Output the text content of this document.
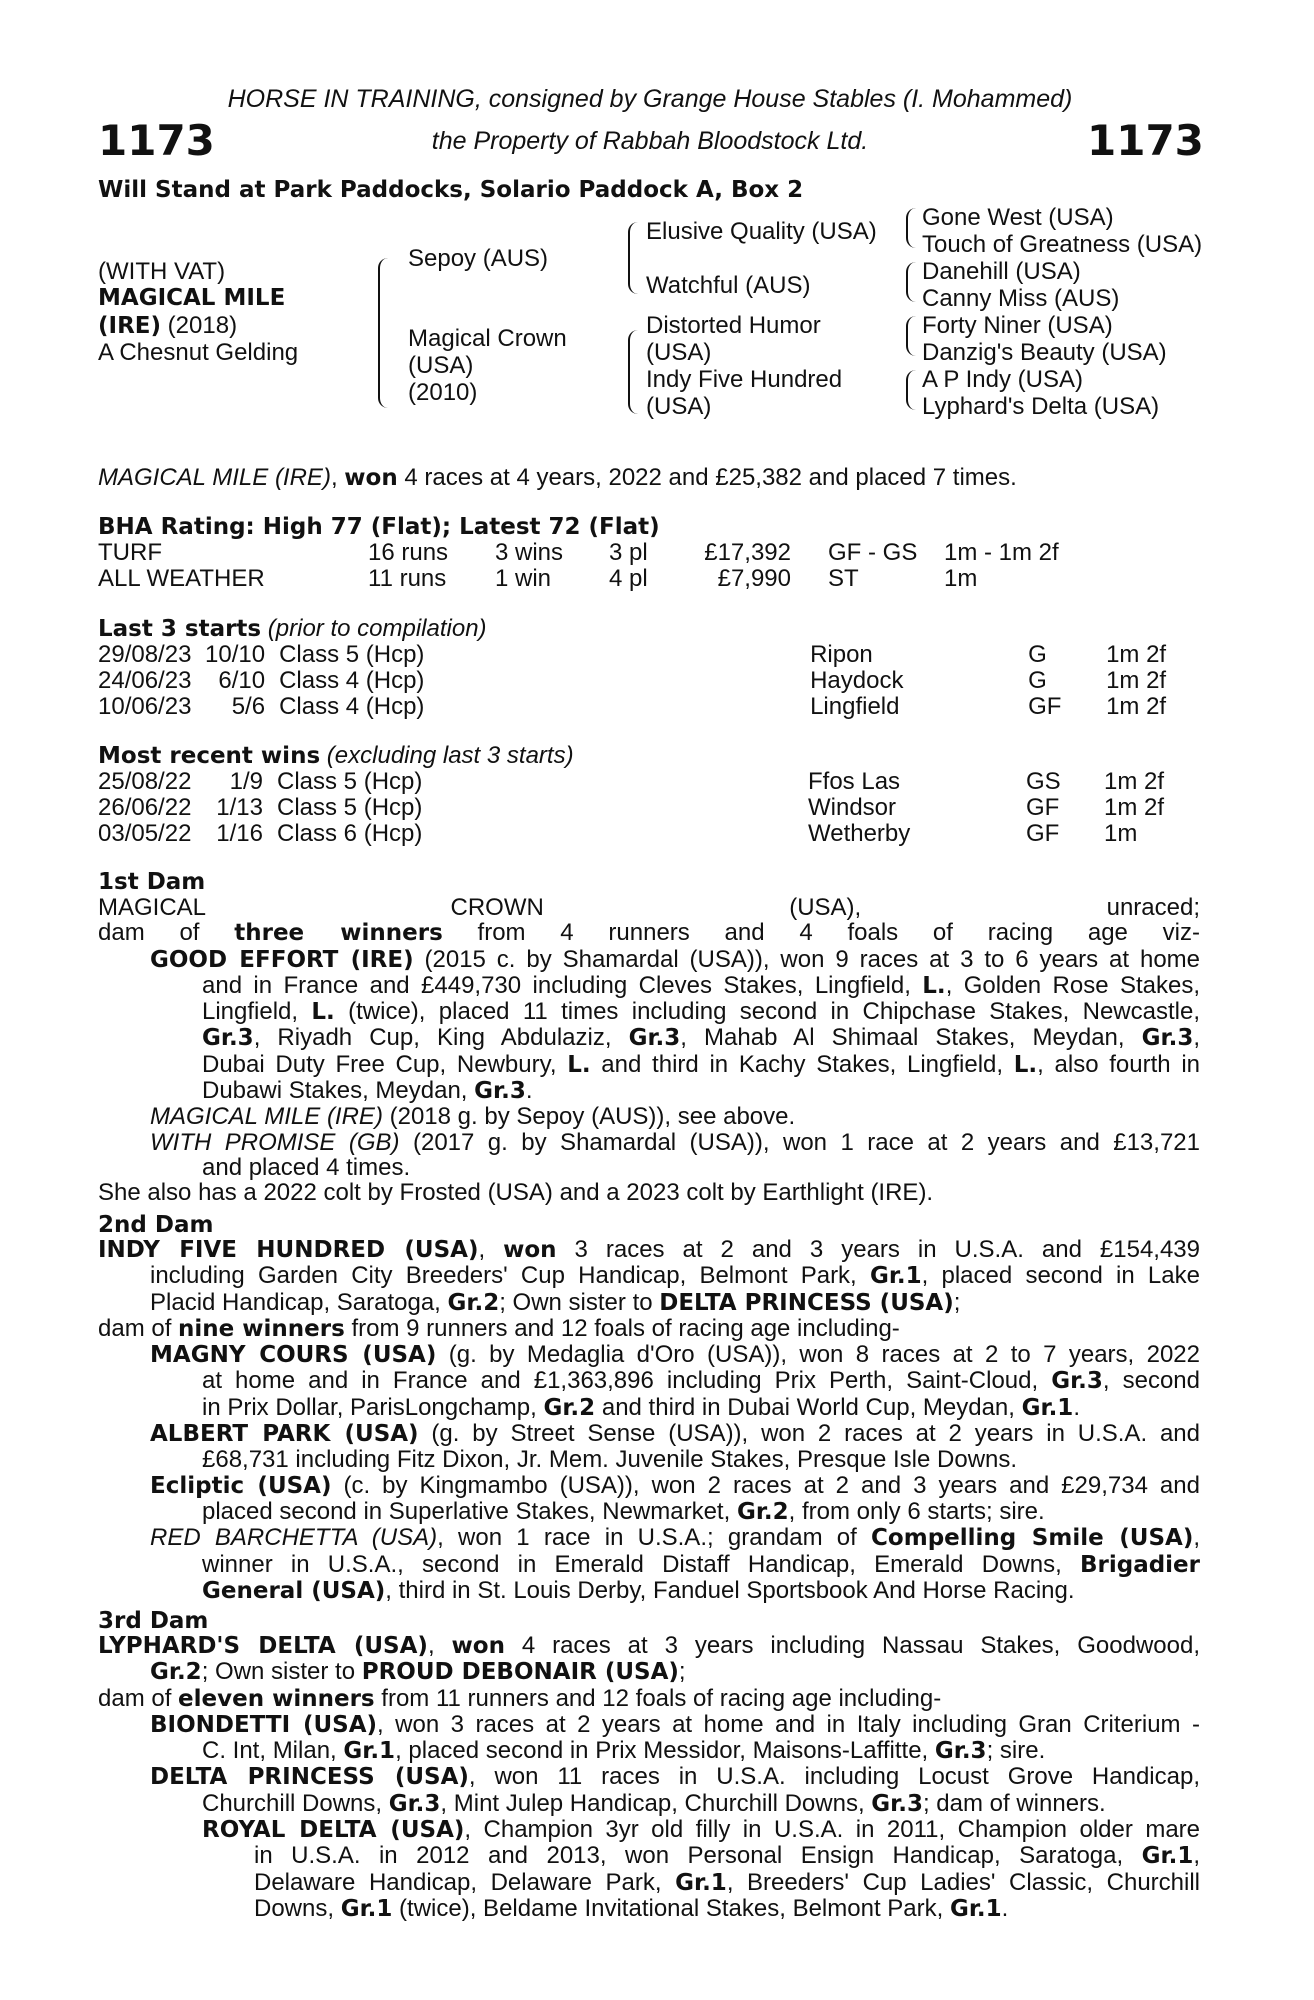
HORSE IN TRAINING, consigned by Grange House Stables (I. Mohammed)
1173	the Property of Rabbah Bloodstock Ltd.	1173
Will Stand at Park Paddocks, Solario Paddock A, Box 2
(WITH VAT)
MAGICAL MILE
(IRE) (2018)
A Chesnut Gelding
Sepoy (AUS)
Magical Crown
(USA)
(2010)
Elusive Quality (USA)
Watchful (AUS)
Distorted Humor
(USA)
Indy Five Hundred
(USA)
Gone West (USA)
Touch of Greatness (USA)
Danehill (USA)
Canny Miss (AUS)
Forty Niner (USA)
Danzig's Beauty (USA)
A P Indy (USA)
Lyphard's Delta (USA)
MAGICAL MILE (IRE), won 4 races at 4 years, 2022 and £25,382 and placed 7 times.
BHA Rating: High 77 (Flat); Latest 72 (Flat)
TURF	16 runs	3 wins	3 pl	£17,392	GF - GS	1m - 1m 2f
ALL WEATHER	11 runs	1 win	4 pl	£7,990	ST	1m
Last 3 starts (prior to compilation)
29/08/23	10/10	Class 5 (Hcp)	Ripon	G	1m 2f
24/06/23	6/10	Class 4 (Hcp)	Haydock	G	1m 2f
10/06/23	5/6	Class 4 (Hcp)	Lingfield	GF	1m 2f
Most recent wins (excluding last 3 starts)
25/08/22	1/9	Class 5 (Hcp)	Ffos Las	GS	1m 2f
26/06/22	1/13	Class 5 (Hcp)	Windsor	GF	1m 2f
03/05/22	1/16	Class 6 (Hcp)	Wetherby	GF	1m
1st Dam
MAGICAL CROWN (USA), unraced;
dam of three winners from 4 runners and 4 foals of racing age viz-
GOOD EFFORT (IRE) (2015 c. by Shamardal (USA)), won 9 races at 3 to 6 years at home
and in France and £449,730 including Cleves Stakes, Lingfield, L., Golden Rose Stakes,
Lingfield, L. (twice), placed 11 times including second in Chipchase Stakes, Newcastle,
Gr.3, Riyadh Cup, King Abdulaziz, Gr.3, Mahab Al Shimaal Stakes, Meydan, Gr.3,
Dubai Duty Free Cup, Newbury, L. and third in Kachy Stakes, Lingfield, L., also fourth in
Dubawi Stakes, Meydan, Gr.3.
MAGICAL MILE (IRE) (2018 g. by Sepoy (AUS)), see above.
WITH PROMISE (GB) (2017 g. by Shamardal (USA)), won 1 race at 2 years and £13,721
and placed 4 times.
She also has a 2022 colt by Frosted (USA) and a 2023 colt by Earthlight (IRE).
2nd Dam
INDY FIVE HUNDRED (USA), won 3 races at 2 and 3 years in U.S.A. and £154,439
including Garden City Breeders' Cup Handicap, Belmont Park, Gr.1, placed second in Lake
Placid Handicap, Saratoga, Gr.2; Own sister to DELTA PRINCESS (USA);
dam of nine winners from 9 runners and 12 foals of racing age including-
MAGNY COURS (USA) (g. by Medaglia d'Oro (USA)), won 8 races at 2 to 7 years, 2022
at home and in France and £1,363,896 including Prix Perth, Saint-Cloud, Gr.3, second
in Prix Dollar, ParisLongchamp, Gr.2 and third in Dubai World Cup, Meydan, Gr.1.
ALBERT PARK (USA) (g. by Street Sense (USA)), won 2 races at 2 years in U.S.A. and
£68,731 including Fitz Dixon, Jr. Mem. Juvenile Stakes, Presque Isle Downs.
Ecliptic (USA) (c. by Kingmambo (USA)), won 2 races at 2 and 3 years and £29,734 and
placed second in Superlative Stakes, Newmarket, Gr.2, from only 6 starts; sire.
RED BARCHETTA (USA), won 1 race in U.S.A.; grandam of Compelling Smile (USA),
winner in U.S.A., second in Emerald Distaff Handicap, Emerald Downs, Brigadier
General (USA), third in St. Louis Derby, Fanduel Sportsbook And Horse Racing.
3rd Dam
LYPHARD'S DELTA (USA), won 4 races at 3 years including Nassau Stakes, Goodwood,
Gr.2; Own sister to PROUD DEBONAIR (USA);
dam of eleven winners from 11 runners and 12 foals of racing age including-
BIONDETTI (USA), won 3 races at 2 years at home and in Italy including Gran Criterium -
C. Int, Milan, Gr.1, placed second in Prix Messidor, Maisons-Laffitte, Gr.3; sire.
DELTA PRINCESS (USA), won 11 races in U.S.A. including Locust Grove Handicap,
Churchill Downs, Gr.3, Mint Julep Handicap, Churchill Downs, Gr.3; dam of winners.
ROYAL DELTA (USA), Champion 3yr old filly in U.S.A. in 2011, Champion older mare
in U.S.A. in 2012 and 2013, won Personal Ensign Handicap, Saratoga, Gr.1,
Delaware Handicap, Delaware Park, Gr.1, Breeders' Cup Ladies' Classic, Churchill
Downs, Gr.1 (twice), Beldame Invitational Stakes, Belmont Park, Gr.1.
